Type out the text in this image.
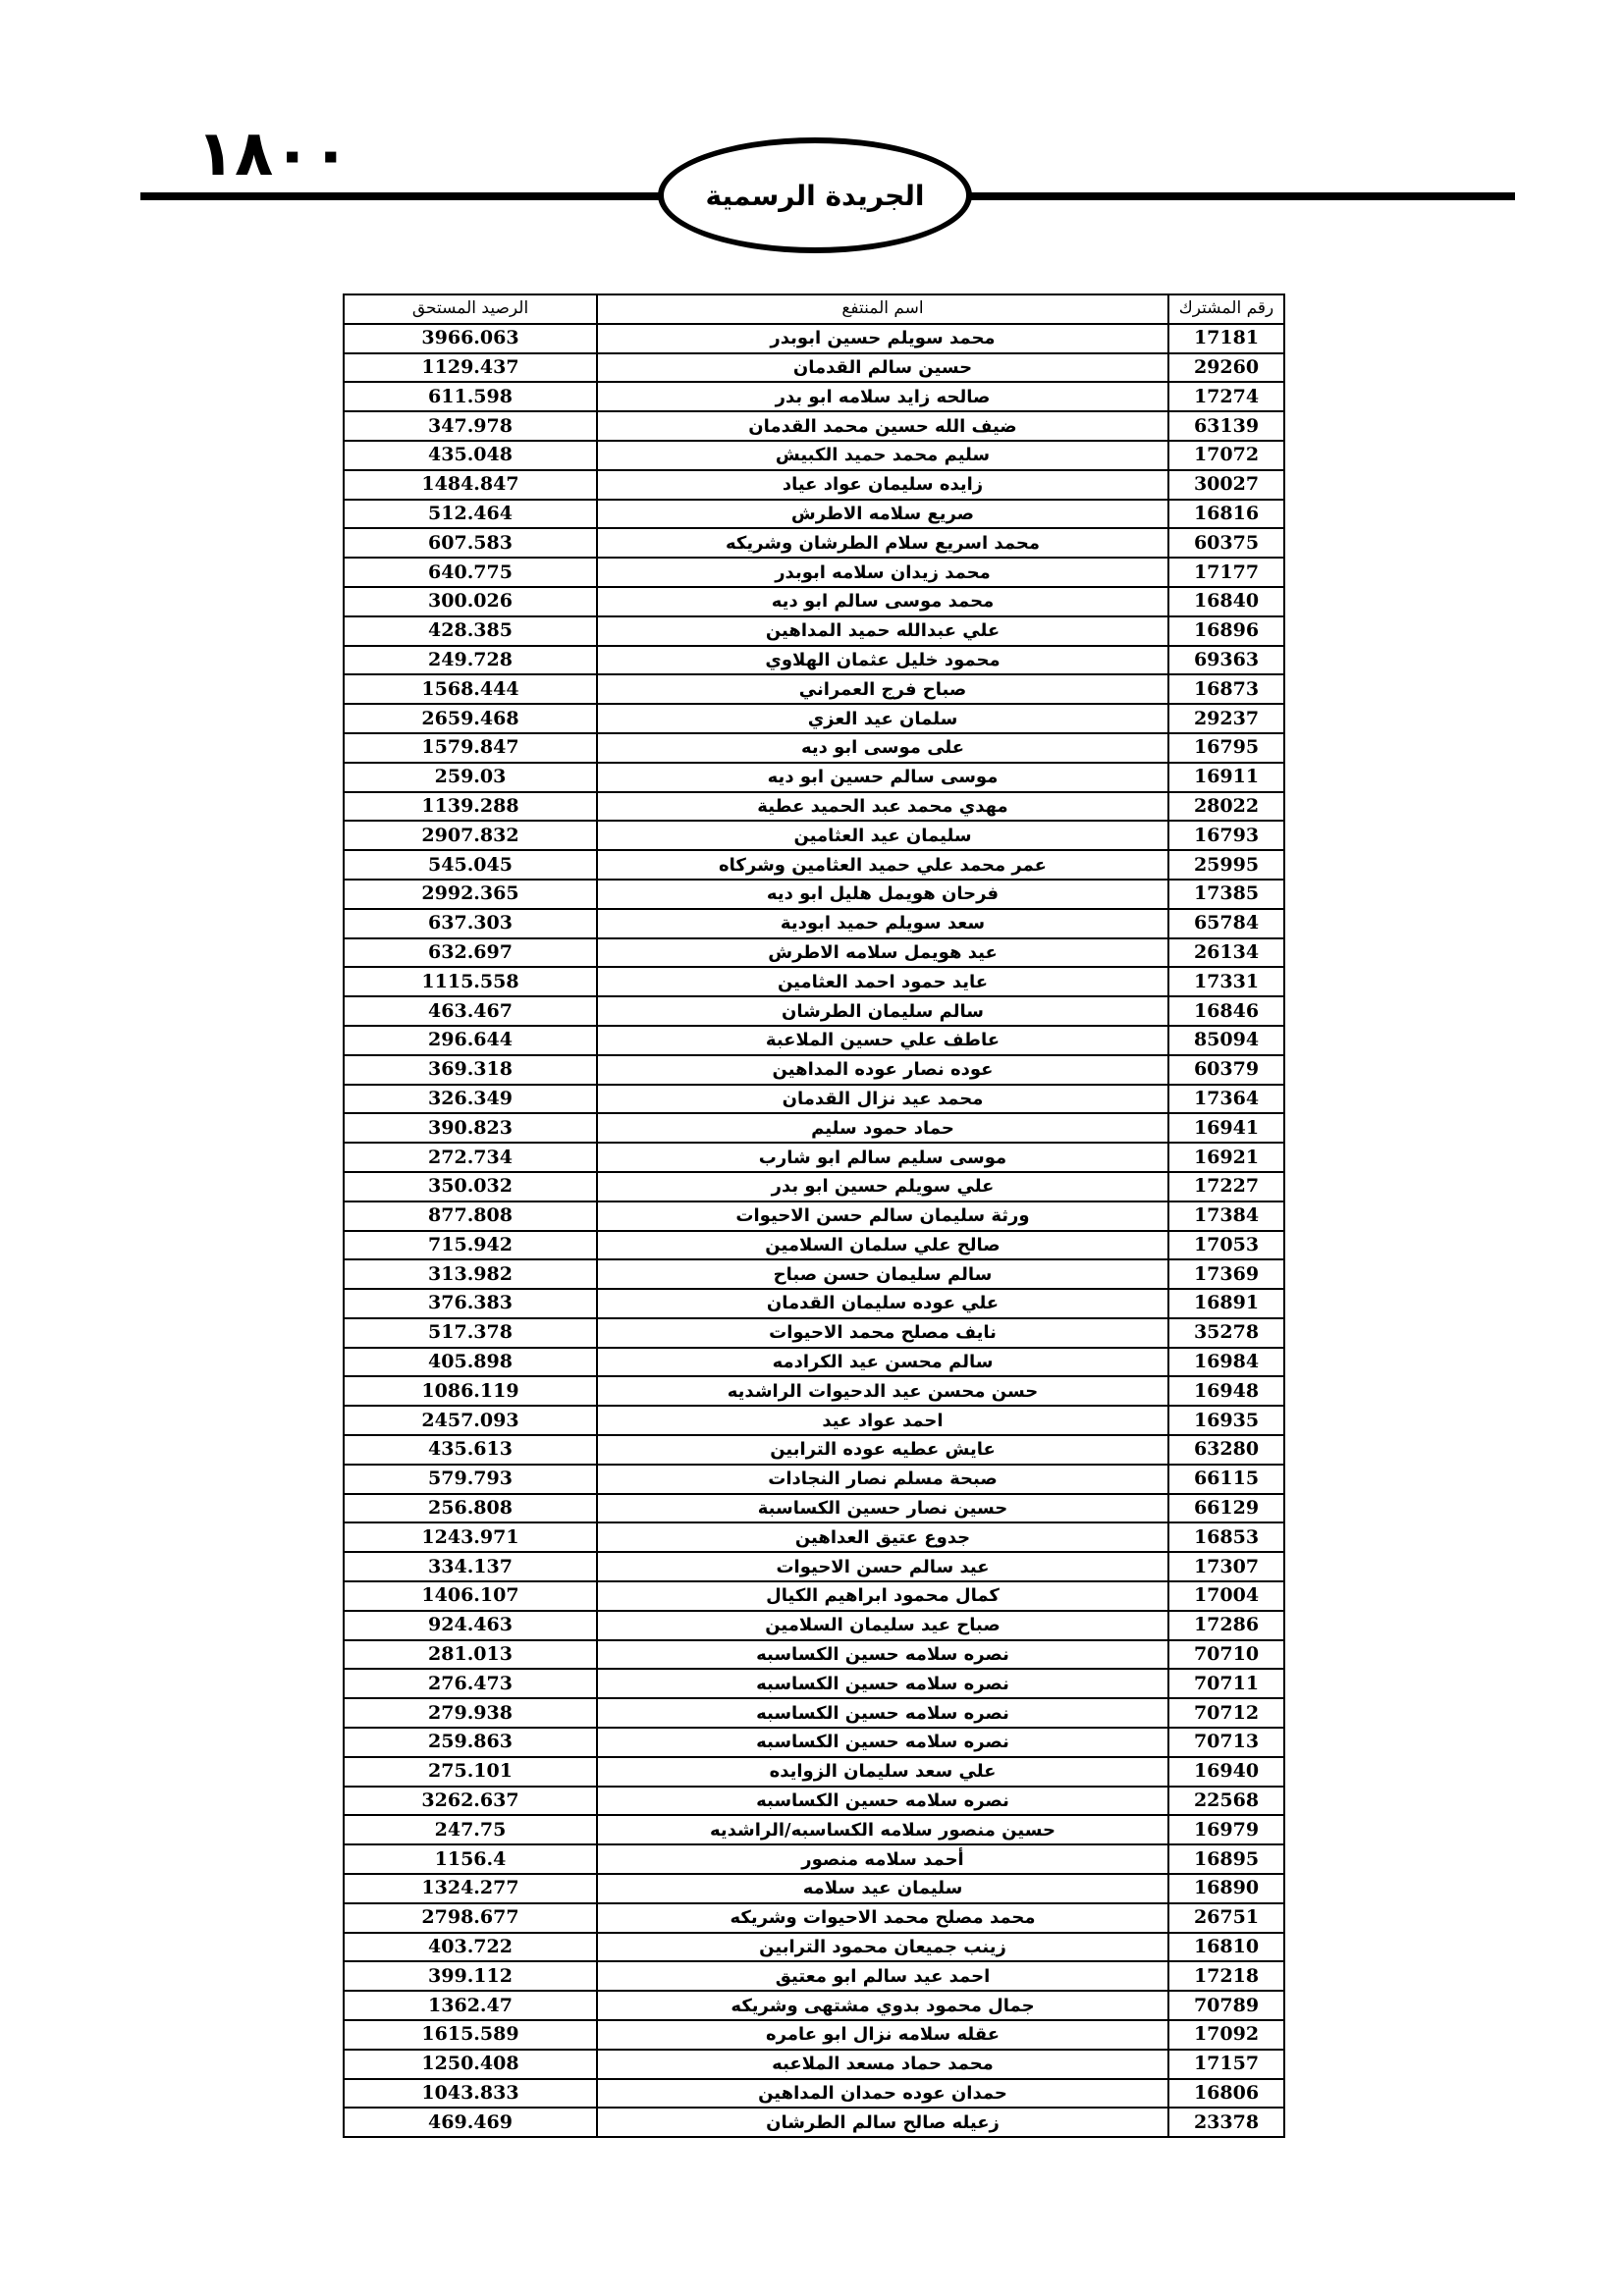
١٨٠٠
الجريدة الرسمية
الرصيد المستحق	اسم المنتفع	رقم المشترك
3966.063	محمد سويلم حسين ابوبدر	17181
1129.437	حسين سالم القدمان	29260
611.598	صالحه زايد سلامه ابو بدر	17274
347.978	ضيف الله حسين محمد القدمان	63139
435.048	سليم محمد حميد الكبيش	17072
1484.847	زايده سليمان عواد عياد	30027
512.464	صريع سلامه الاطرش	16816
607.583	محمد اسريع سلام الطرشان وشريكه	60375
640.775	محمد زيدان سلامه ابوبدر	17177
300.026	محمد موسى سالم ابو ديه	16840
428.385	علي عبدالله حميد المداهين	16896
249.728	محمود خليل عثمان الهلاوي	69363
1568.444	صباح فرج العمراني	16873
2659.468	سلمان عيد العزي	29237
1579.847	على موسى ابو ديه	16795
259.03	موسى سالم حسين ابو ديه	16911
1139.288	مهدي محمد عبد الحميد عطية	28022
2907.832	سليمان عيد العثامين	16793
545.045	عمر محمد علي حميد العثامين وشركاه	25995
2992.365	فرحان هويمل هليل ابو ديه	17385
637.303	سعد سويلم حميد ابودية	65784
632.697	عيد هويمل سلامه الاطرش	26134
1115.558	عايد حمود احمد العثامين	17331
463.467	سالم سليمان الطرشان	16846
296.644	عاطف علي حسين الملاعبة	85094
369.318	عوده نصار عوده المداهين	60379
326.349	محمد عيد نزال القدمان	17364
390.823	حماد حمود سليم	16941
272.734	موسى سليم سالم ابو شارب	16921
350.032	علي سويلم حسين ابو بدر	17227
877.808	ورثة سليمان سالم حسن الاحيوات	17384
715.942	صالح علي سلمان السلامين	17053
313.982	سالم سليمان حسن صباح	17369
376.383	علي عوده سليمان القدمان	16891
517.378	نايف مصلح محمد الاحيوات	35278
405.898	سالم محسن عيد الكرادمه	16984
1086.119	حسن محسن عيد الدحيوات الراشديه	16948
2457.093	احمد عواد عيد	16935
435.613	عايش عطيه عوده الترابين	63280
579.793	صبحة مسلم نصار النجادات	66115
256.808	حسين نصار حسين الكساسبة	66129
1243.971	جدوع عتيق العداهين	16853
334.137	عيد سالم حسن الاحيوات	17307
1406.107	كمال محمود ابراهيم الكيال	17004
924.463	صباح عيد سليمان السلامين	17286
281.013	نصره سلامه حسين الكساسبه	70710
276.473	نصره سلامه حسين الكساسبه	70711
279.938	نصره سلامه حسين الكساسبه	70712
259.863	نصره سلامه حسين الكساسبه	70713
275.101	علي سعد سليمان الزوايده	16940
3262.637	نصره سلامه حسين الكساسبه	22568
247.75	حسين منصور سلامه الكساسبه/الراشديه	16979
1156.4	أحمد سلامه منصور	16895
1324.277	سليمان عيد سلامه	16890
2798.677	محمد مصلح محمد الاحيوات وشريكه	26751
403.722	زينب جميعان محمود الترابين	16810
399.112	احمد عيد سالم ابو معتيق	17218
1362.47	جمال محمود بدوي مشتهى وشريكه	70789
1615.589	عقله سلامه نزال ابو عامره	17092
1250.408	محمد حماد مسعد الملاعبه	17157
1043.833	حمدان عوده حمدان المداهين	16806
469.469	زعيله صالح سالم الطرشان	23378
